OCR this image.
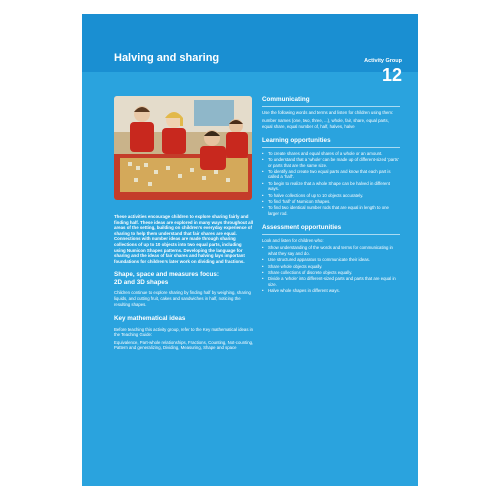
Halving and sharing	Activity Group
12

These activities encourage children to explore sharing fairly and finding half. These ideas are explored in many ways throughout all areas of the setting, building on children’s everyday experience of sharing to help them understand that fair shares are equal. Connections with number ideas are made through sharing collections of up to 10 objects into two equal parts, including using Numicon Shapes patterns. Developing the language for sharing and the ideas of fair shares and halving lays important foundations for children’s later work on dividing and fractions.

Shape, space and measures focus:
2D and 3D shapes

Children continue to explore sharing by finding half by weighing, sharing liquids, and cutting fruit, cakes and sandwiches in half, noticing the resulting shapes.

Key mathematical ideas

Before teaching this activity group, refer to the Key mathematical ideas in the Teaching Guide:

Equivalence, Part-whole relationships, Fractions, Counting, Not-counting, Pattern and generalizing, Dividing, Measuring, Shape and space

Communicating

Use the following words and terms and listen for children using them:

number names (one, two, three, ...), whole, fair, share, equal parts, equal share, equal number of, half, halves, halve

Learning opportunities
• To create shares and equal shares of a whole or an amount.
• To understand that a ‘whole’ can be made up of different-sized ‘parts’ or parts that are the same size.
• To identify and create two equal parts and know that each part is called a ‘half’.
• To begin to realize that a whole Shape can be halved in different ways.
• To halve collections of up to 10 objects accurately.
• To find ‘half’ of Numicon Shapes.
• To find two identical number rods that are equal in length to one larger rod.
Assessment opportunities

Look and listen for children who:

• Show understanding of the words and terms for communicating in what they say and do.
• Use structured apparatus to communicate their ideas.
• Share whole objects equally.
• Share collections of discrete objects equally.
• Divide a ‘whole’ into different-sized parts and parts that are equal in size.
• Halve whole shapes in different ways.
